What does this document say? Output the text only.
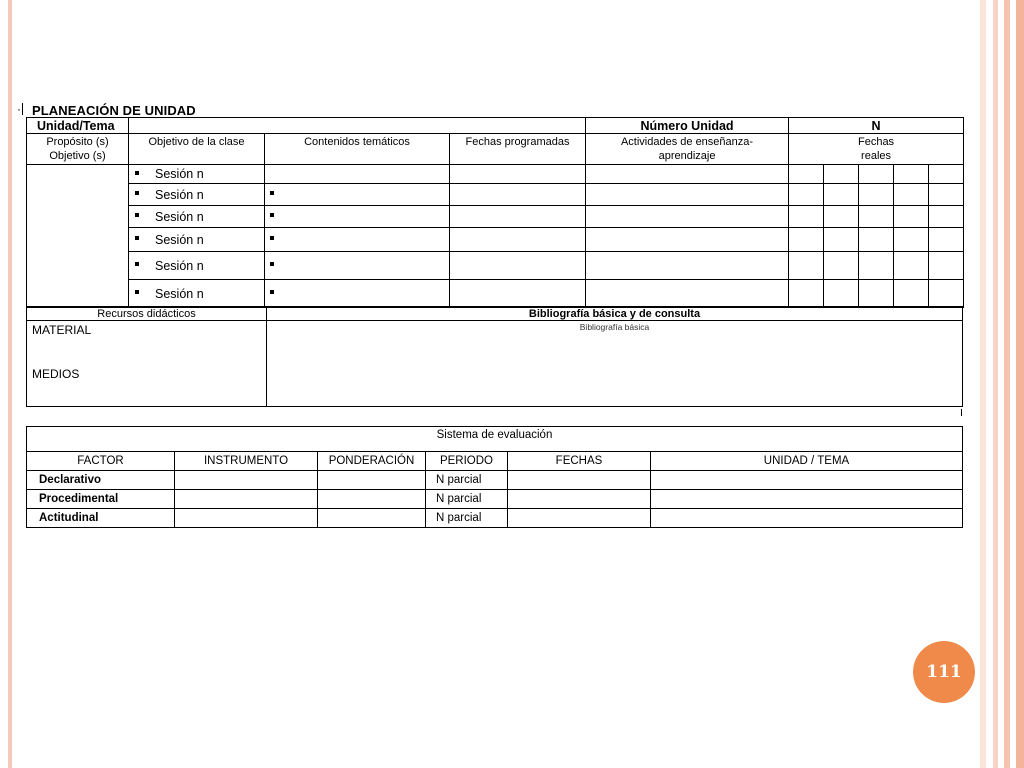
· PLANEACIÓN DE UNIDAD
Unidad/Tema				Número Unidad	N				
Propósito (s) Objetivo (s)	Objetivo de la clase	Contenidos temáticos	Fechas programadas	Actividades de enseñanza-aprendizaje	Fechas reales				
	Sesión n								
	Sesión n								
	Sesión n								
	Sesión n								
	Sesión n								
	Sesión n								
Recursos didácticos	Bibliografía básica y de consulta

MATERIAL
MEDIOS	Bibliografía básica
Sistema de evaluación					
FACTOR	INSTRUMENTO	PONDERACIÓN	PERIODO	FECHAS	UNIDAD / TEMA
Declarativo			N parcial		
Procedimental			N parcial		
Actitudinal			N parcial		
111
